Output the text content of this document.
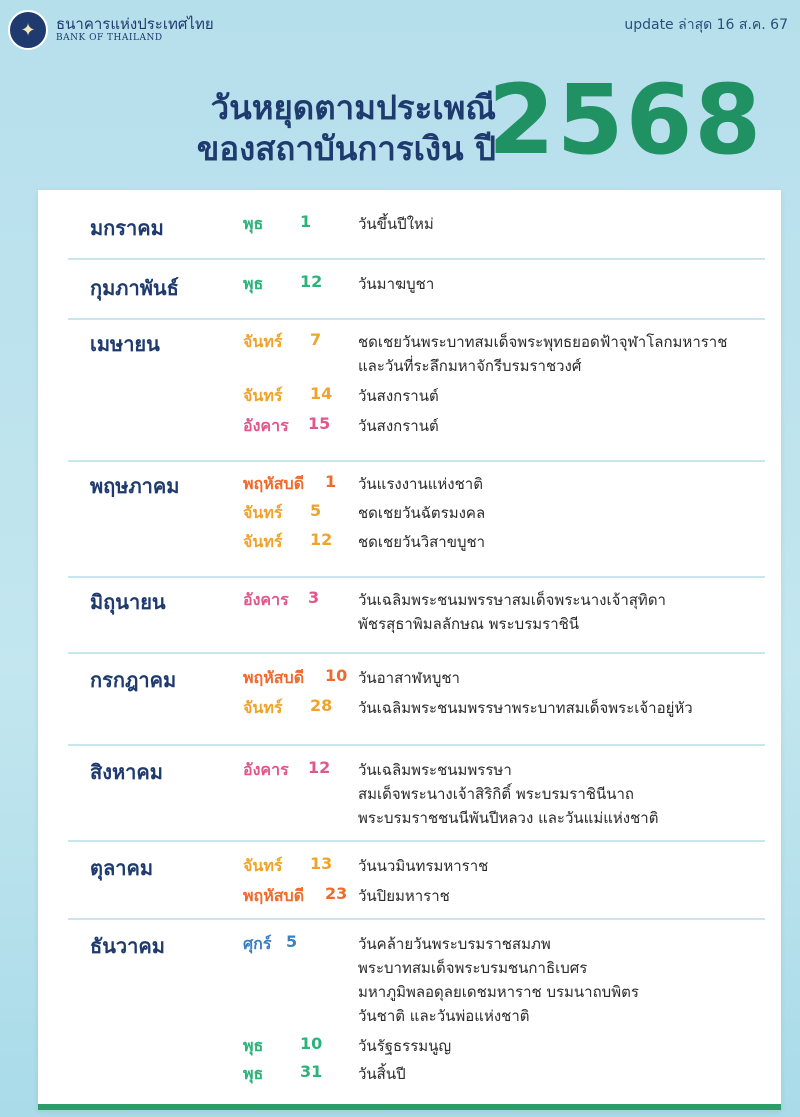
✦	ธนาคารแห่งประเทศไทย
BANK OF THAILAND
update ล่าสุด 16 ส.ค. 67
วันหยุดตามประเพณี
ของสถาบันการเงิน ปี
2568
มกราคม	พุธ 1	วันขึ้นปีใหม่
กุมภาพันธ์	พุธ 12 วันมาฆบูชา
เมษายน	จันทร์ 7 ชดเชยวันพระบาทสมเด็จพระพุทธยอดฟ้าจุฬาโลกมหาราช
และวันที่ระลึกมหาจักรีบรมราชวงศ์
จันทร์ 14 วันสงกรานต์
อังคาร 15 วันสงกรานต์
พฤษภาคม	พฤหัสบดี 1 วันแรงงานแห่งชาติ
จันทร์ 5 ชดเชยวันฉัตรมงคล
จันทร์ 12 ชดเชยวันวิสาขบูชา
มิถุนายน	อังคาร 3	วันเฉลิมพระชนมพรรษาสมเด็จพระนางเจ้าสุทิดา
พัชรสุธาพิมลลักษณ พระบรมราชินี
กรกฎาคม	พฤหัสบดี 10 วันอาสาฬหบูชา
จันทร์ 28 วันเฉลิมพระชนมพรรษาพระบาทสมเด็จพระเจ้าอยู่หัว
สิงหาคม	อังคาร 12 วันเฉลิมพระชนมพรรษา
สมเด็จพระนางเจ้าสิริกิติ์ พระบรมราชินีนาถ
พระบรมราชชนนีพันปีหลวง และวันแม่แห่งชาติ
ตุลาคม	จันทร์ 13 วันนวมินทรมหาราช
พฤหัสบดี 23 วันปิยมหาราช
ธันวาคม	ศุกร์ 5	วันคล้ายวันพระบรมราชสมภพ
พระบาทสมเด็จพระบรมชนกาธิเบศร
มหาภูมิพลอดุลยเดชมหาราช บรมนาถบพิตร
วันชาติ และวันพ่อแห่งชาติ
พุธ 10 วันรัฐธรรมนูญ
พุธ 31 วันสิ้นปี
